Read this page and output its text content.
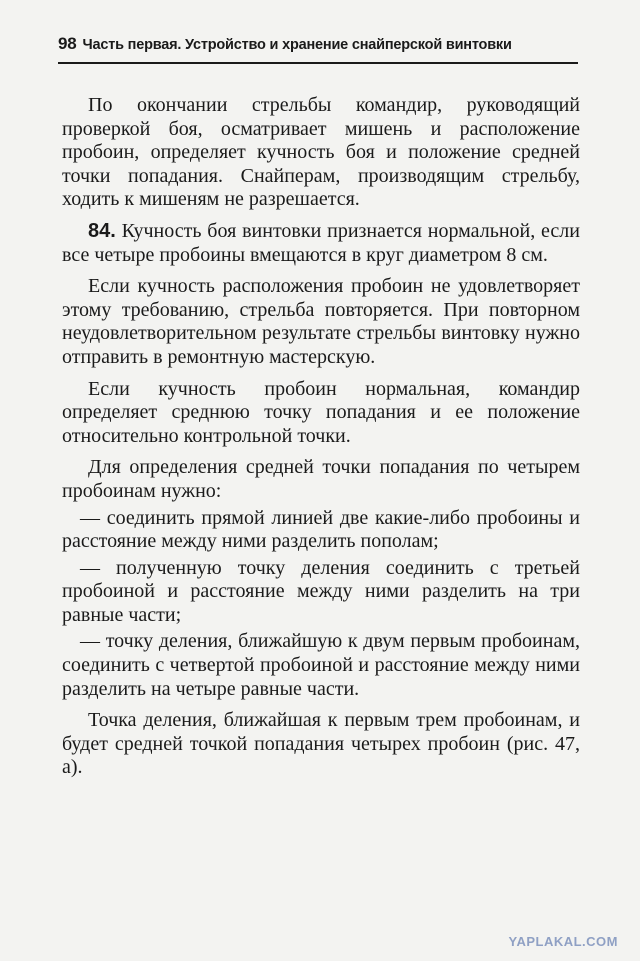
98 Часть первая. Устройство и хранение снайперской винтовки

По окончании стрельбы командир, руководящий проверкой боя, осматривает мишень и расположение пробоин, определяет кучность боя и положение средней точки попадания. Снайперам, производящим стрельбу, ходить к мишеням не разрешается.

84. Кучность боя винтовки признается нормальной, если все четыре пробоины вмещаются в круг диаметром 8 см.

Если кучность расположения пробоин не удовлетворяет этому требованию, стрельба повторяется. При повторном неудовлетворительном результате стрельбы винтовку нужно отправить в ремонтную мастерскую.

Если кучность пробоин нормальная, командир определяет среднюю точку попадания и ее положение относительно контрольной точки.

Для определения средней точки попадания по четырем пробоинам нужно:

— соединить прямой линией две какие-либо пробоины и расстояние между ними разделить пополам;

— полученную точку деления соединить с третьей пробоиной и расстояние между ними разделить на три равные части;

— точку деления, ближайшую к двум первым пробоинам, соединить с четвертой пробоиной и расстояние между ними разделить на четыре равные части.

Точка деления, ближайшая к первым трем пробоинам, и будет средней точкой попадания четырех пробоин (рис. 47, а).

YAPLAKAL.COM
